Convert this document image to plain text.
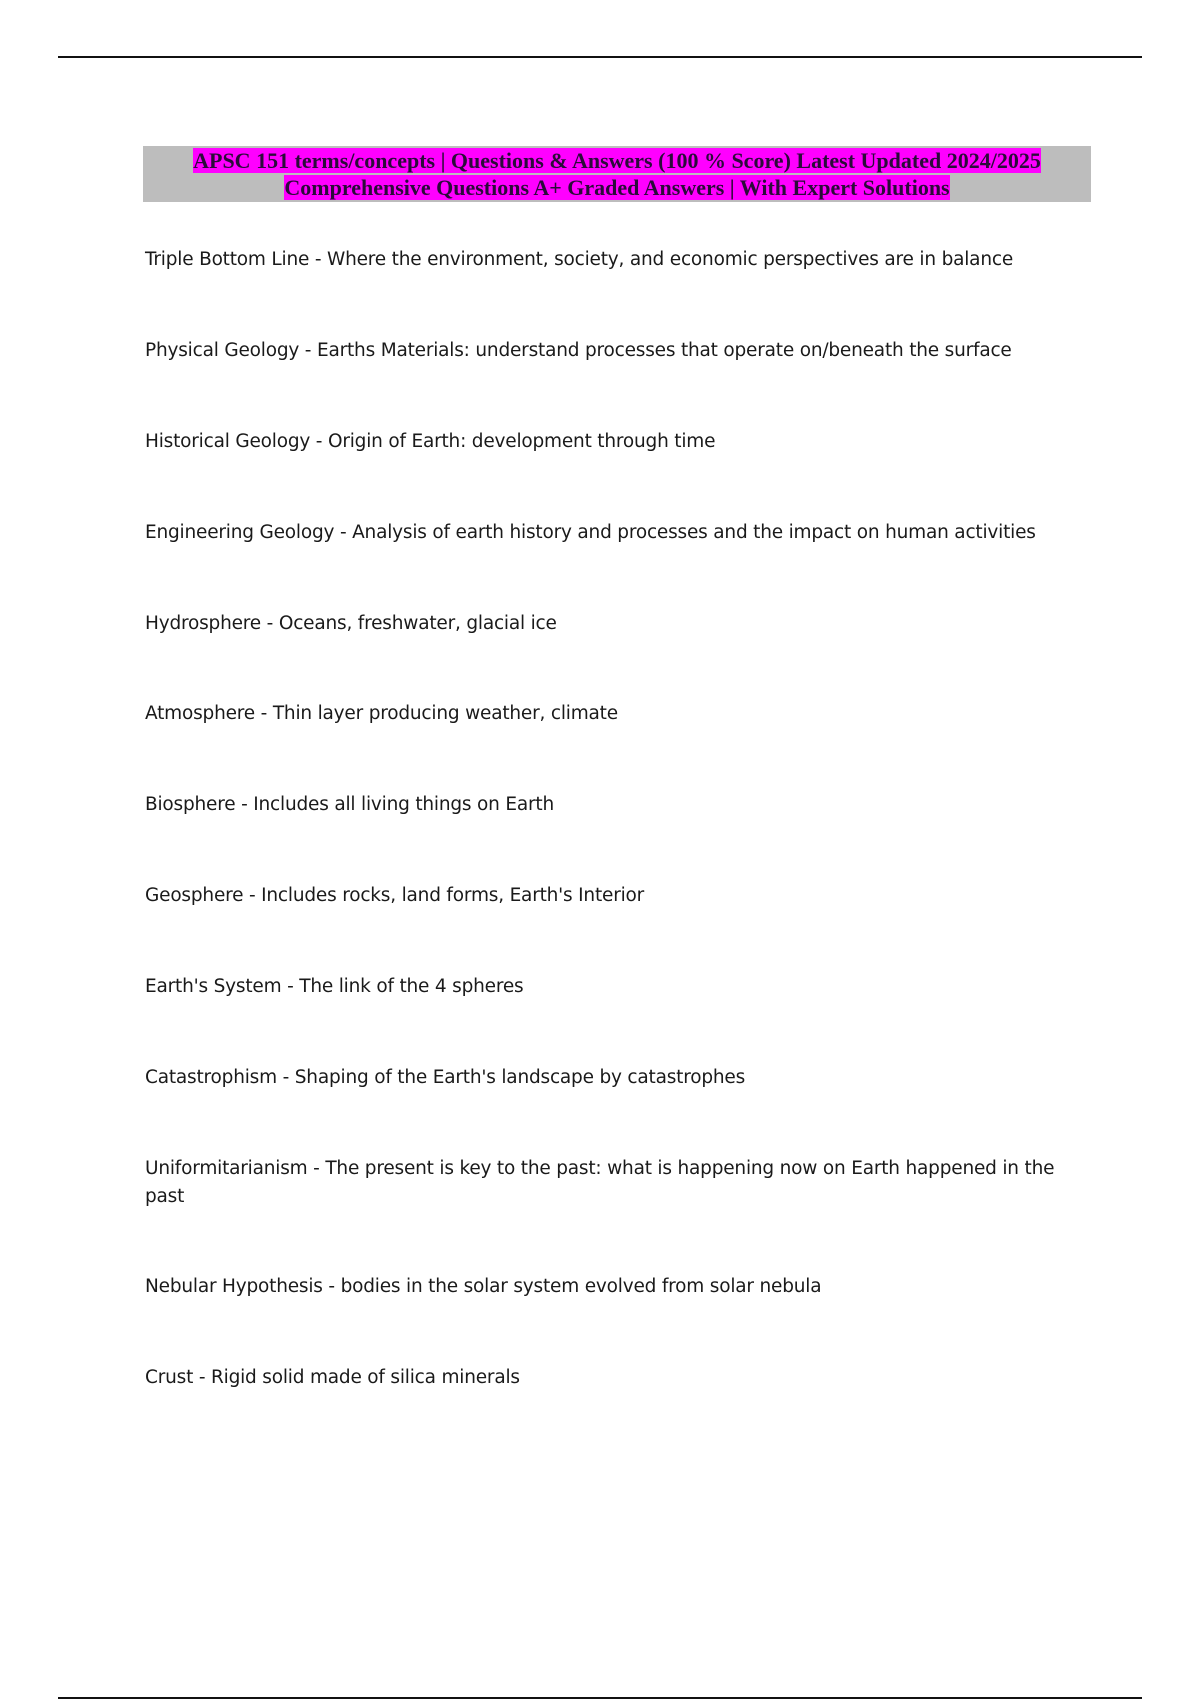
APSC 151 terms/concepts | Questions & Answers (100 % Score) Latest Updated 2024/2025
Comprehensive Questions A+ Graded Answers | With Expert Solutions
Triple Bottom Line - Where the environment, society, and economic perspectives are in balance
Physical Geology - Earths Materials: understand processes that operate on/beneath the surface
Historical Geology - Origin of Earth: development through time
Engineering Geology - Analysis of earth history and processes and the impact on human activities
Hydrosphere - Oceans, freshwater, glacial ice
Atmosphere - Thin layer producing weather, climate
Biosphere - Includes all living things on Earth
Geosphere - Includes rocks, land forms, Earth's Interior
Earth's System - The link of the 4 spheres
Catastrophism - Shaping of the Earth's landscape by catastrophes
Uniformitarianism - The present is key to the past: what is happening now on Earth happened in the past
Nebular Hypothesis - bodies in the solar system evolved from solar nebula
Crust - Rigid solid made of silica minerals
